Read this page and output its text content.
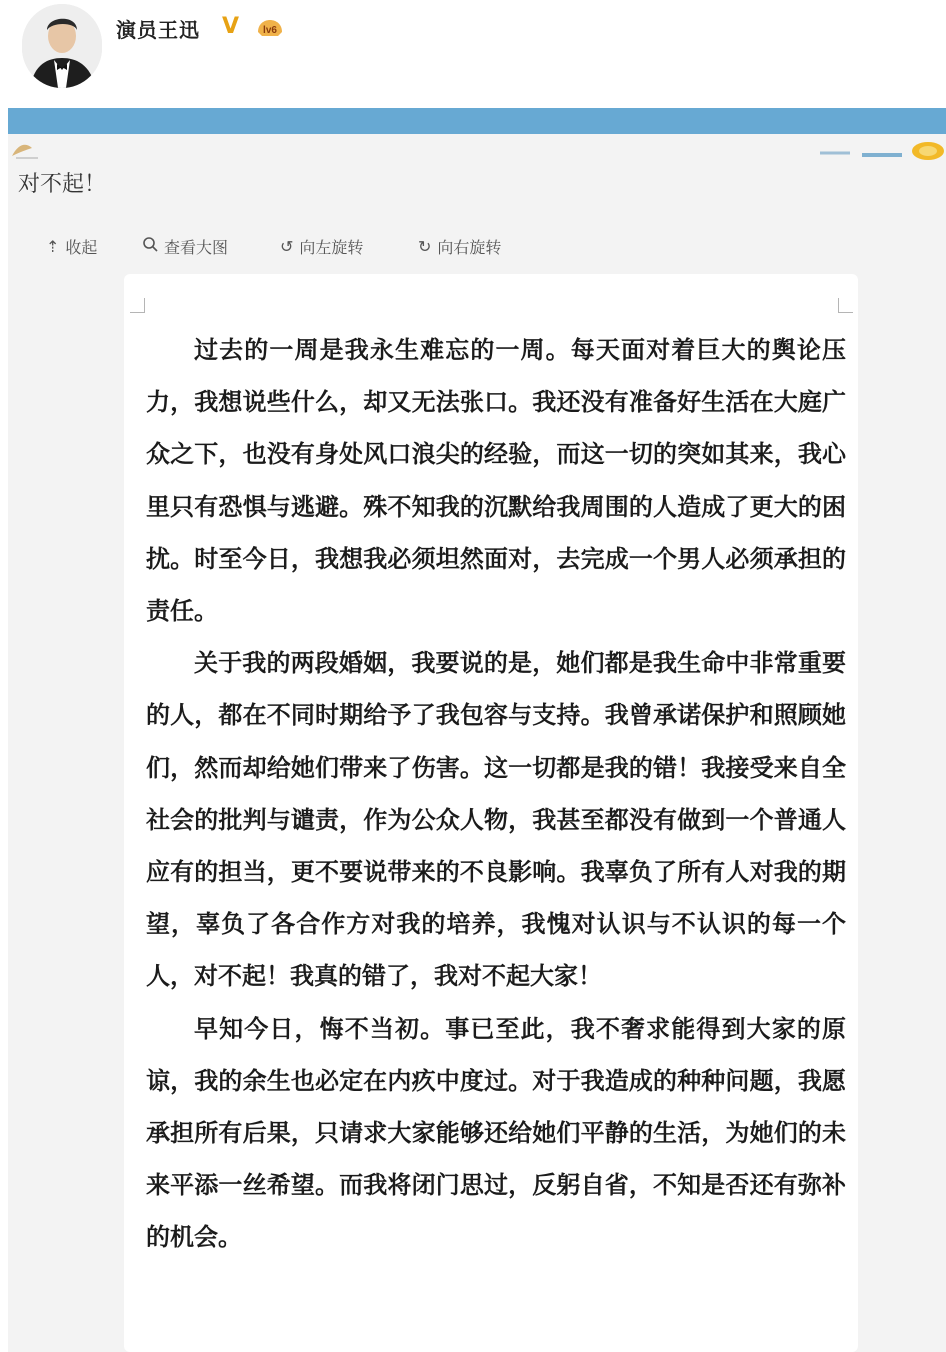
演员王迅 V lv6
对不起！
⇡ 收起	查看大图	↺ 向左旋转	↻ 向右旋转

过去的一周是我永生难忘的一周。每天面对着巨大的舆论压力，我想说些什么，却又无法张口。我还没有准备好生活在大庭广众之下，也没有身处风口浪尖的经验，而这一切的突如其来，我心里只有恐惧与逃避。殊不知我的沉默给我周围的人造成了更大的困扰。时至今日，我想我必须坦然面对，去完成一个男人必须承担的责任。

关于我的两段婚姻，我要说的是，她们都是我生命中非常重要的人，都在不同时期给予了我包容与支持。我曾承诺保护和照顾她们，然而却给她们带来了伤害。这一切都是我的错！我接受来自全社会的批判与谴责，作为公众人物，我甚至都没有做到一个普通人应有的担当，更不要说带来的不良影响。我辜负了所有人对我的期望，辜负了各合作方对我的培养，我愧对认识与不认识的每一个人，对不起！我真的错了，我对不起大家！

早知今日，悔不当初。事已至此，我不奢求能得到大家的原谅，我的余生也必定在内疚中度过。对于我造成的种种问题，我愿承担所有后果，只请求大家能够还给她们平静的生活，为她们的未来平添一丝希望。而我将闭门思过，反躬自省，不知是否还有弥补的机会。
